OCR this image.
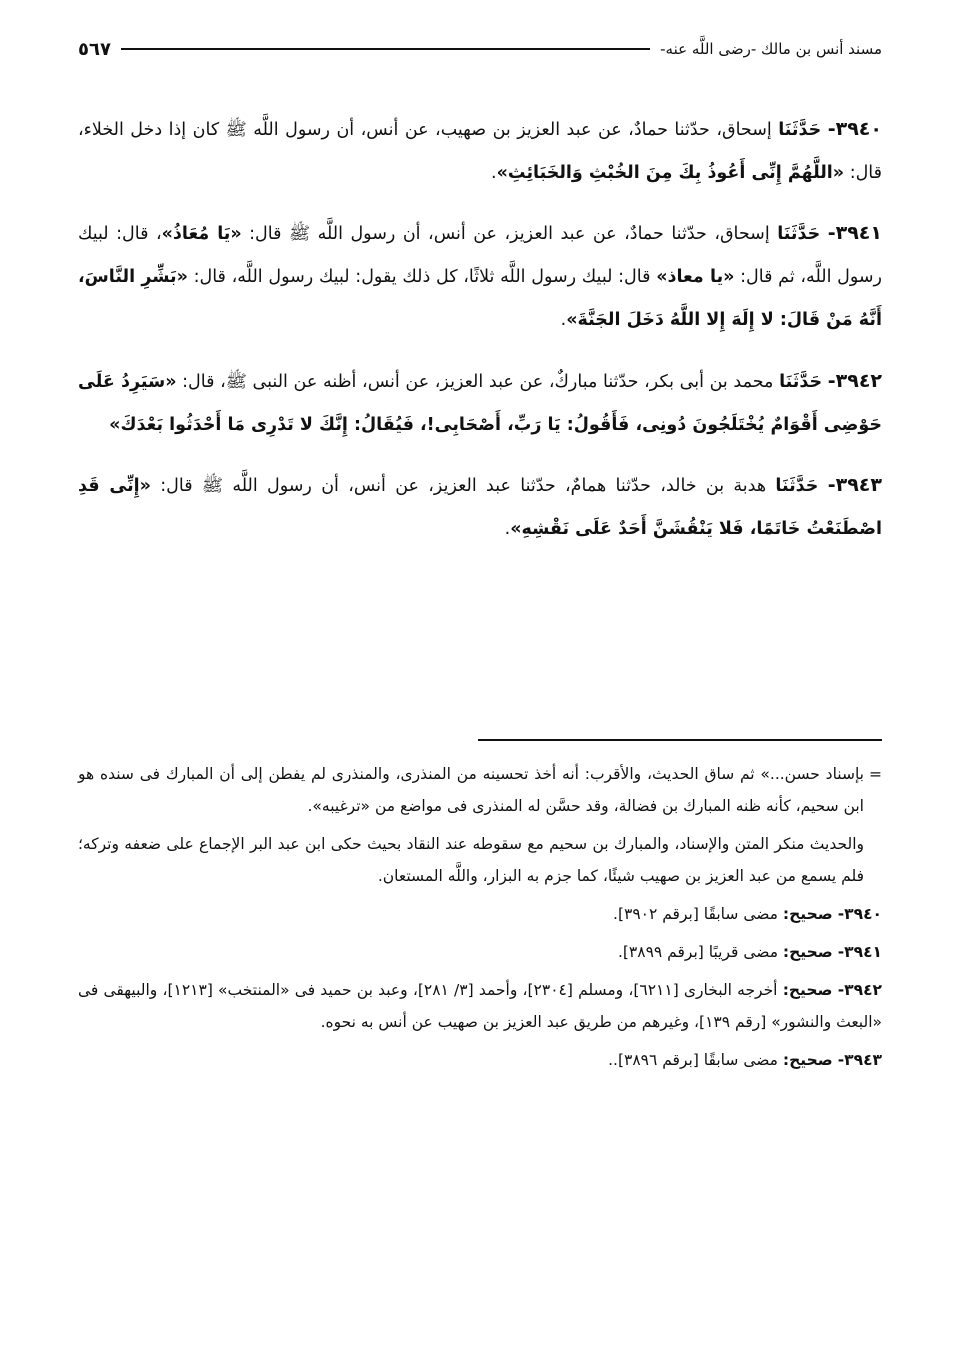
مسند أنس بن مالك -رضى اللَّه عنه-
٥٦٧

٣٩٤٠- حَدَّثَنَا إسحاق، حدّثنا حمادٌ، عن عبد العزيز بن صهيب، عن أنس، أن رسول اللَّه ﷺ كان إذا دخل الخلاء، قال: «اللَّهُمَّ إِنِّى أَعُوذُ بِكَ مِنَ الخُبْثِ وَالخَبَائِثِ».

٣٩٤١- حَدَّثَنَا إسحاق، حدّثنا حمادٌ، عن عبد العزيز، عن أنس، أن رسول اللَّه ﷺ قال: «يَا مُعَاذُ»، قال: لبيك رسول اللَّه، ثم قال: «يا معاذ» قال: لبيك رسول اللَّه ثلاثًا، كل ذلك يقول: لبيك رسول اللَّه، قال: «بَشِّرِ النَّاسَ، أَنَّهُ مَنْ قَالَ: لا إِلَهَ إِلا اللَّهُ دَخَلَ الجَنَّةَ».

٣٩٤٢- حَدَّثَنَا محمد بن أبى بكر، حدّثنا مباركٌ، عن عبد العزيز، عن أنس، أظنه عن النبى ﷺ، قال: «سَيَرِدُ عَلَى حَوْضِى أَقْوَامٌ يُخْتَلَجُونَ دُونِى، فَأَقُولُ: يَا رَبِّ، أَصْحَابِى!، فَيُقَالُ: إِنَّكَ لا تَدْرِى مَا أَحْدَثُوا بَعْدَكَ»

٣٩٤٣- حَدَّثَنَا هدبة بن خالد، حدّثنا همامٌ، حدّثنا عبد العزيز، عن أنس، أن رسول اللَّه ﷺ قال: «إِنِّى قَدِ اصْطَنَعْتُ خَاتَمًا، فَلا يَنْقُشَنَّ أَحَدٌ عَلَى نَقْشِهِ».

=بإسناد حسن...» ثم ساق الحديث، والأقرب: أنه أخذ تحسينه من المنذرى، والمنذرى لم يفطن إلى أن المبارك فى سنده هو ابن سحيم، كأنه ظنه المبارك بن فضالة، وقد حسَّن له المنذرى فى مواضع من «ترغيبه».

والحديث منكر المتن والإسناد، والمبارك بن سحيم مع سقوطه عند النقاد بحيث حكى ابن عبد البر الإجماع على ضعفه وتركه؛ فلم يسمع من عبد العزيز بن صهيب شيئًا، كما جزم به البزار، واللَّه المستعان.

٣٩٤٠- صحيح: مضى سابقًا [برقم ٣٩٠٢].

٣٩٤١- صحيح: مضى قريبًا [برقم ٣٨٩٩].

٣٩٤٢- صحيح: أخرجه البخارى [٦٢١١]، ومسلم [٢٣٠٤]، وأحمد [٣/ ٢٨١]، وعبد بن حميد فى «المنتخب» [١٢١٣]، والبيهقى فى «البعث والنشور» [رقم ١٣٩]، وغيرهم من طريق عبد العزيز بن صهيب عن أنس به نحوه.

٣٩٤٣- صحيح: مضى سابقًا [برقم ٣٨٩٦]..
